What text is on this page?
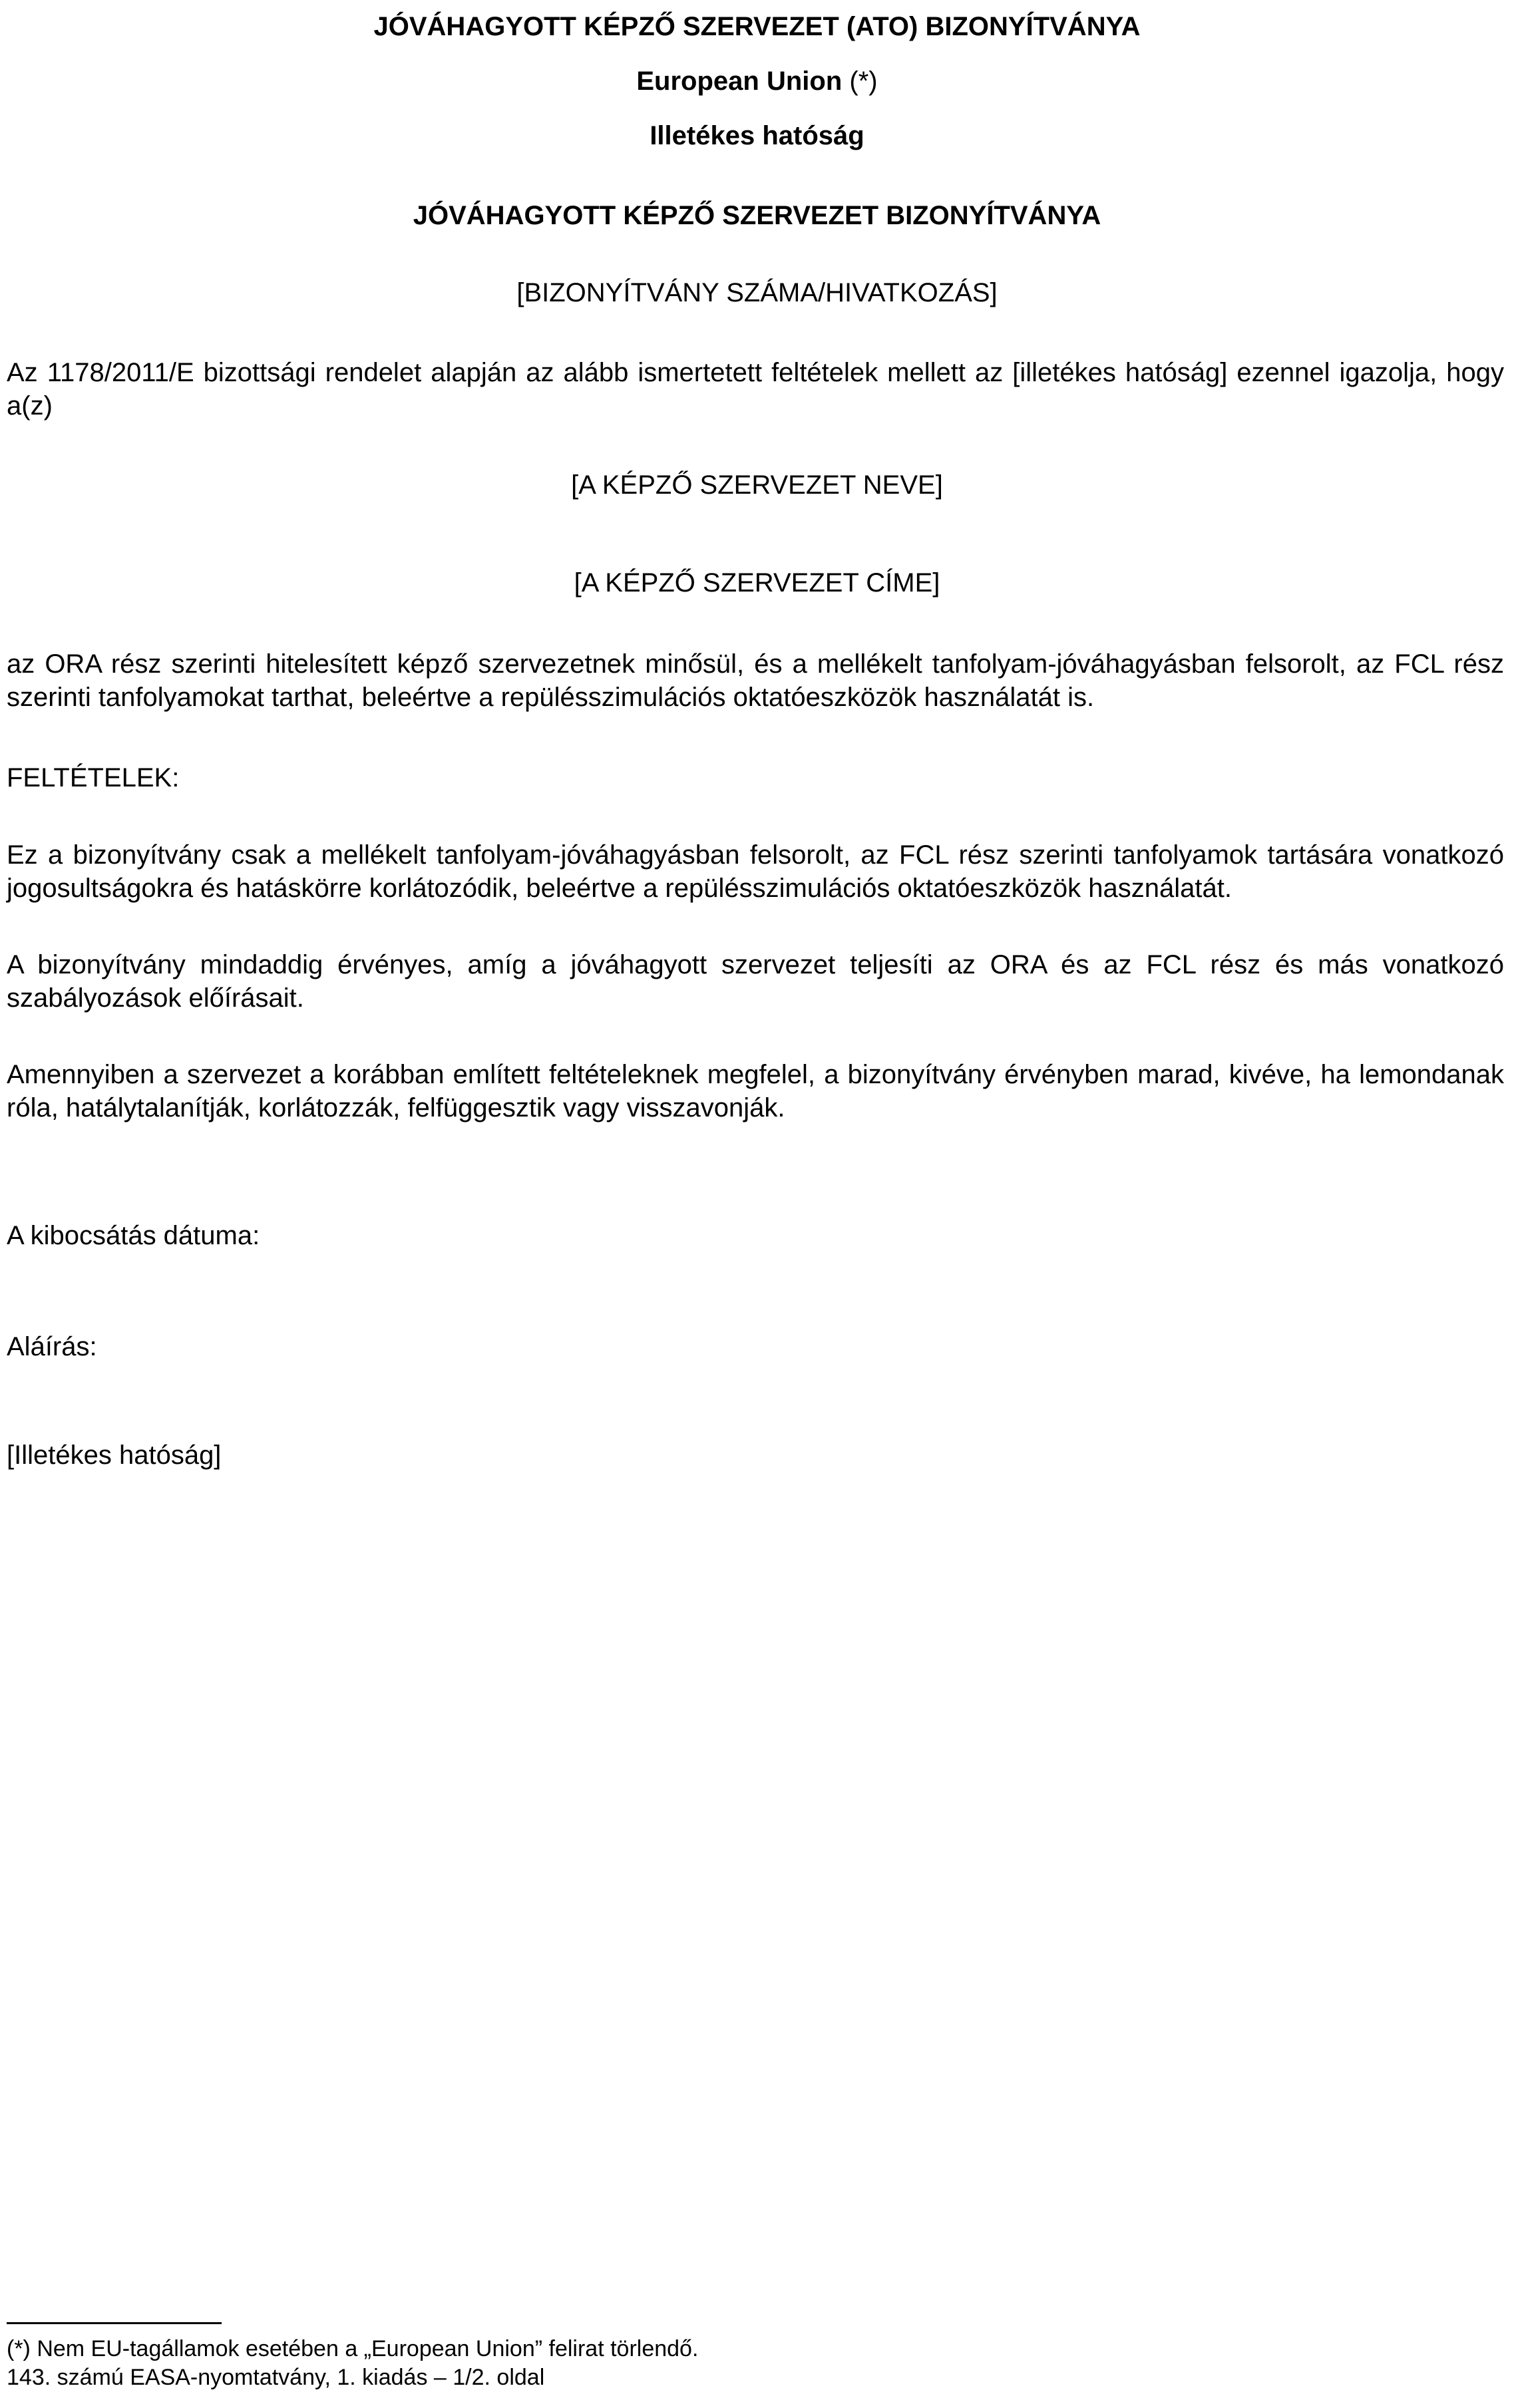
JÓVÁHAGYOTT KÉPZŐ SZERVEZET (ATO) BIZONYÍTVÁNYA
European Union (*)
Illetékes hatóság
JÓVÁHAGYOTT KÉPZŐ SZERVEZET BIZONYÍTVÁNYA
[BIZONYÍTVÁNY SZÁMA/HIVATKOZÁS]

Az 1178/2011/E bizottsági rendelet alapján az alább ismertetett feltételek mellett az [illetékes hatóság] ezennel igazolja, hogy a(z)

[A KÉPZŐ SZERVEZET NEVE]
[A KÉPZŐ SZERVEZET CÍME]

az ORA rész szerinti hitelesített képző szervezetnek minősül, és a mellékelt tanfolyam-jóváhagyásban felsorolt, az FCL rész szerinti tanfolyamokat tarthat, beleértve a repülésszimulációs oktatóeszközök használatát is.

FELTÉTELEK:

Ez a bizonyítvány csak a mellékelt tanfolyam-jóváhagyásban felsorolt, az FCL rész szerinti tanfolyamok tartására vonatkozó jogosultságokra és hatáskörre korlátozódik, beleértve a repülésszimulációs oktatóeszközök használatát.

A bizonyítvány mindaddig érvényes, amíg a jóváhagyott szervezet teljesíti az ORA és az FCL rész és más vonatkozó szabályozások előírásait.

Amennyiben a szervezet a korábban említett feltételeknek megfelel, a bizonyítvány érvényben marad, kivéve, ha lemondanak róla, hatálytalanítják, korlátozzák, felfüggesztik vagy visszavonják.

A kibocsátás dátuma:

Aláírás:

[Illetékes hatóság]

(*) Nem EU-tagállamok esetében a „European Union” felirat törlendő.

143. számú EASA-nyomtatvány, 1. kiadás – 1/2. oldal
